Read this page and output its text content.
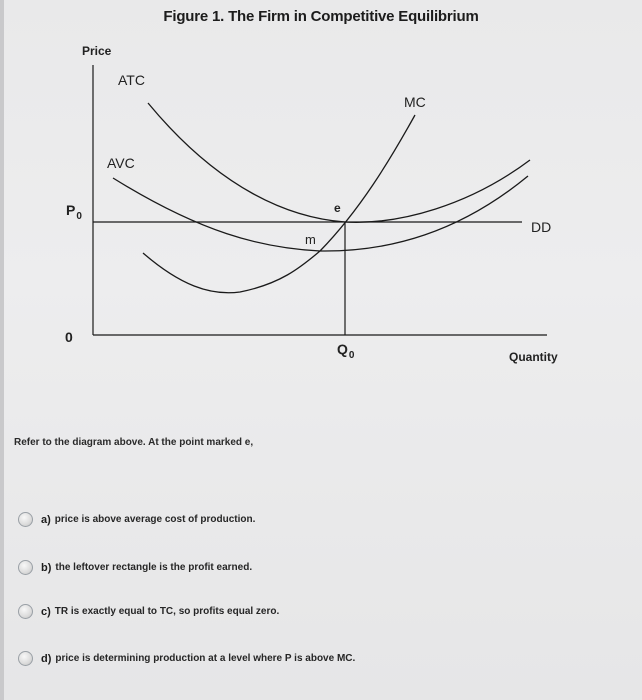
Figure 1. The Firm in Competitive Equilibrium
Price
ATC
AVC
MC
DD
e
m
$P_0$
0
$Q_0$	Quantity
Refer to the diagram above. At the point marked e,
a) price is above average cost of production.
b) the leftover rectangle is the profit earned.
c) TR is exactly equal to TC, so profits equal zero.
d) price is determining production at a level where P is above MC.
